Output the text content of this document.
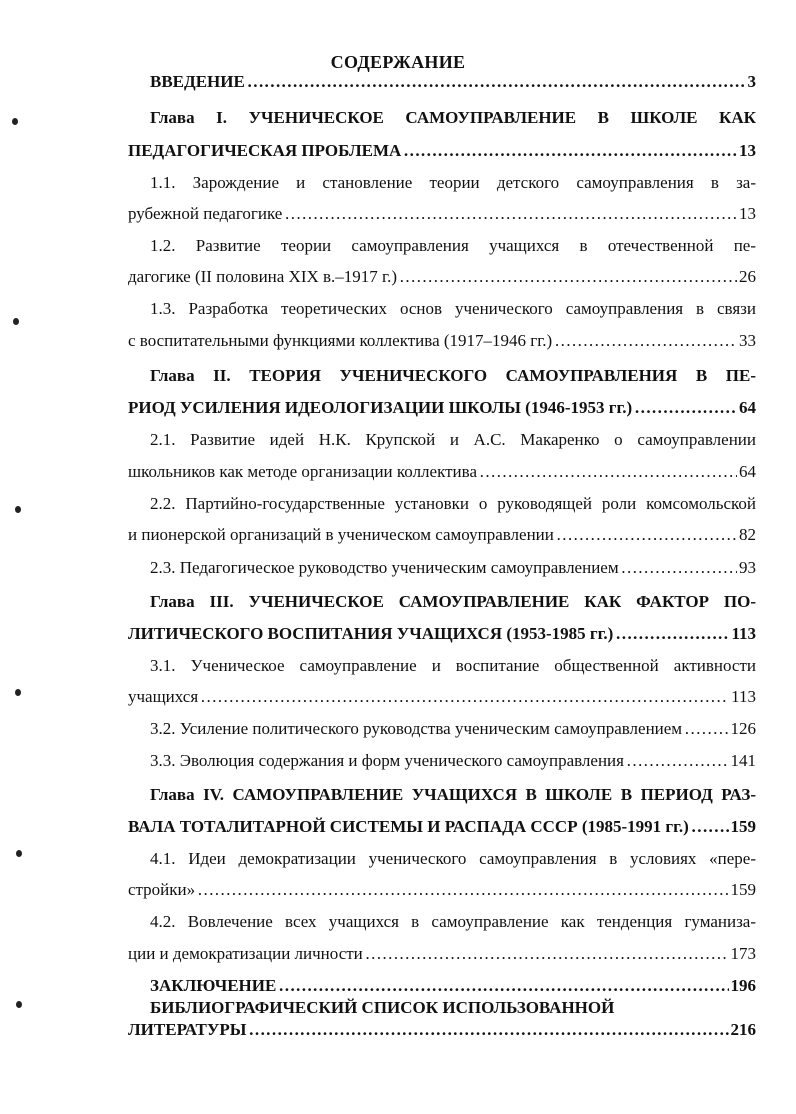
СОДЕРЖАНИЕ
ВВЕДЕНИЕ ……………………………………………………………………………………………………………………………………………………………………………	3
Глава I. УЧЕНИЧЕСКОЕ САМОУПРАВЛЕНИЕ В ШКОЛЕ КАК
ПЕДАГОГИЧЕСКАЯ ПРОБЛЕМА ……………………………………………………………………………………………………………………………………………………………………………	13
1.1. Зарождение и становление теории детского самоуправления в за-
рубежной педагогике ……………………………………………………………………………………………………………………………………………………………………………	13
1.2. Развитие теории самоуправления учащихся в отечественной пе-
дагогике (II половина XIX в.–1917 г.) ……………………………………………………………………………………………………………………………………………………………………………	26
1.3. Разработка теоретических основ ученического самоуправления в связи
с воспитательными функциями коллектива (1917–1946 гг.) ……………………………………………………………………………………………………………………………………………………………………………	33
Глава II. ТЕОРИЯ УЧЕНИЧЕСКОГО САМОУПРАВЛЕНИЯ В ПЕ-
РИОД УСИЛЕНИЯ ИДЕОЛОГИЗАЦИИ ШКОЛЫ (1946-1953 гг.) ……………………………………………………………………………………………………………………………………………………………………………	64
2.1. Развитие идей Н.К. Крупской и А.С. Макаренко о самоуправлении
школьников как методе организации коллектива ……………………………………………………………………………………………………………………………………………………………………………	64
2.2. Партийно-государственные установки о руководящей роли комсомольской
и пионерской организаций в ученическом самоуправлении ……………………………………………………………………………………………………………………………………………………………………………	82
2.3. Педагогическое руководство ученическим самоуправлением ……………………………………………………………………………………………………………………………………………………………………………	93
Глава III. УЧЕНИЧЕСКОЕ САМОУПРАВЛЕНИЕ КАК ФАКТОР ПО-
ЛИТИЧЕСКОГО ВОСПИТАНИЯ УЧАЩИХСЯ (1953-1985 гг.) ……………………………………………………………………………………………………………………………………………………………………………	113
3.1. Ученическое самоуправление и воспитание общественной активности
учащихся ……………………………………………………………………………………………………………………………………………………………………………	113
3.2. Усиление политического руководства ученическим самоуправлением ……………………………………………………………………………………………………………………………………………………………………………	126
3.3. Эволюция содержания и форм ученического самоуправления ……………………………………………………………………………………………………………………………………………………………………………	141
Глава IV. САМОУПРАВЛЕНИЕ УЧАЩИХСЯ В ШКОЛЕ В ПЕРИОД РАЗ-
ВАЛА ТОТАЛИТАРНОЙ СИСТЕМЫ И РАСПАДА СССР (1985-1991 гг.) …………………………………………………………………………………………………………………………………………………………………………… 159
4.1. Идеи демократизации ученического самоуправления в условиях «пере-
стройки» ……………………………………………………………………………………………………………………………………………………………………………	159
4.2. Вовлечение всех учащихся в самоуправление как тенденция гуманиза-
ции и демократизации личности ……………………………………………………………………………………………………………………………………………………………………………	173
ЗАКЛЮЧЕНИЕ ……………………………………………………………………………………………………………………………………………………………………………	196
БИБЛИОГРАФИЧЕСКИЙ СПИСОК ИСПОЛЬЗОВАННОЙ
ЛИТЕРАТУРЫ ……………………………………………………………………………………………………………………………………………………………………………	216
